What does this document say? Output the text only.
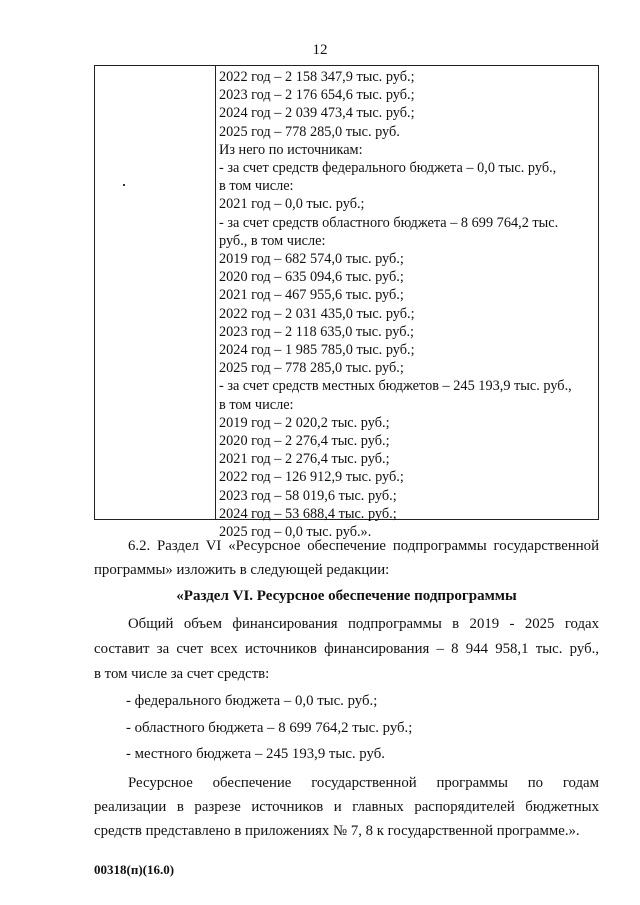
12
2022 год – 2 158 347,9 тыс. руб.;
2023 год – 2 176 654,6 тыс. руб.;
2024 год – 2 039 473,4 тыс. руб.;
2025 год – 778 285,0 тыс. руб.
Из него по источникам:
- за счет средств федерального бюджета – 0,0 тыс. руб.,
в том числе:
2021 год – 0,0 тыс. руб.;
- за счет средств областного бюджета – 8 699 764,2 тыс.
руб., в том числе:
2019 год – 682 574,0 тыс. руб.;
2020 год – 635 094,6 тыс. руб.;
2021 год – 467 955,6 тыс. руб.;
2022 год – 2 031 435,0 тыс. руб.;
2023 год – 2 118 635,0 тыс. руб.;
2024 год – 1 985 785,0 тыс. руб.;
2025 год – 778 285,0 тыс. руб.;
- за счет средств местных бюджетов – 245 193,9 тыс. руб.,
в том числе:
2019 год – 2 020,2 тыс. руб.;
2020 год – 2 276,4 тыс. руб.;
2021 год – 2 276,4 тыс. руб.;
2022 год – 126 912,9 тыс. руб.;
2023 год – 58 019,6 тыс. руб.;
2024 год – 53 688,4 тыс. руб.;
2025 год – 0,0 тыс. руб.».
6.2. Раздел VI «Ресурсное обеспечение подпрограммы государственной
программы» изложить в следующей редакции:
«Раздел VI. Ресурсное обеспечение подпрограммы
Общий объем финансирования подпрограммы в 2019 - 2025 годах
составит за счет всех источников финансирования – 8 944 958,1 тыс. руб.,
в том числе за счет средств:
- федерального бюджета – 0,0 тыс. руб.;
- областного бюджета – 8 699 764,2 тыс. руб.;
- местного бюджета – 245 193,9 тыс. руб.
Ресурсное обеспечение государственной программы по годам
реализации в разрезе источников и главных распорядителей бюджетных
средств представлено в приложениях № 7, 8 к государственной программе.».
00318(п)(16.0)
